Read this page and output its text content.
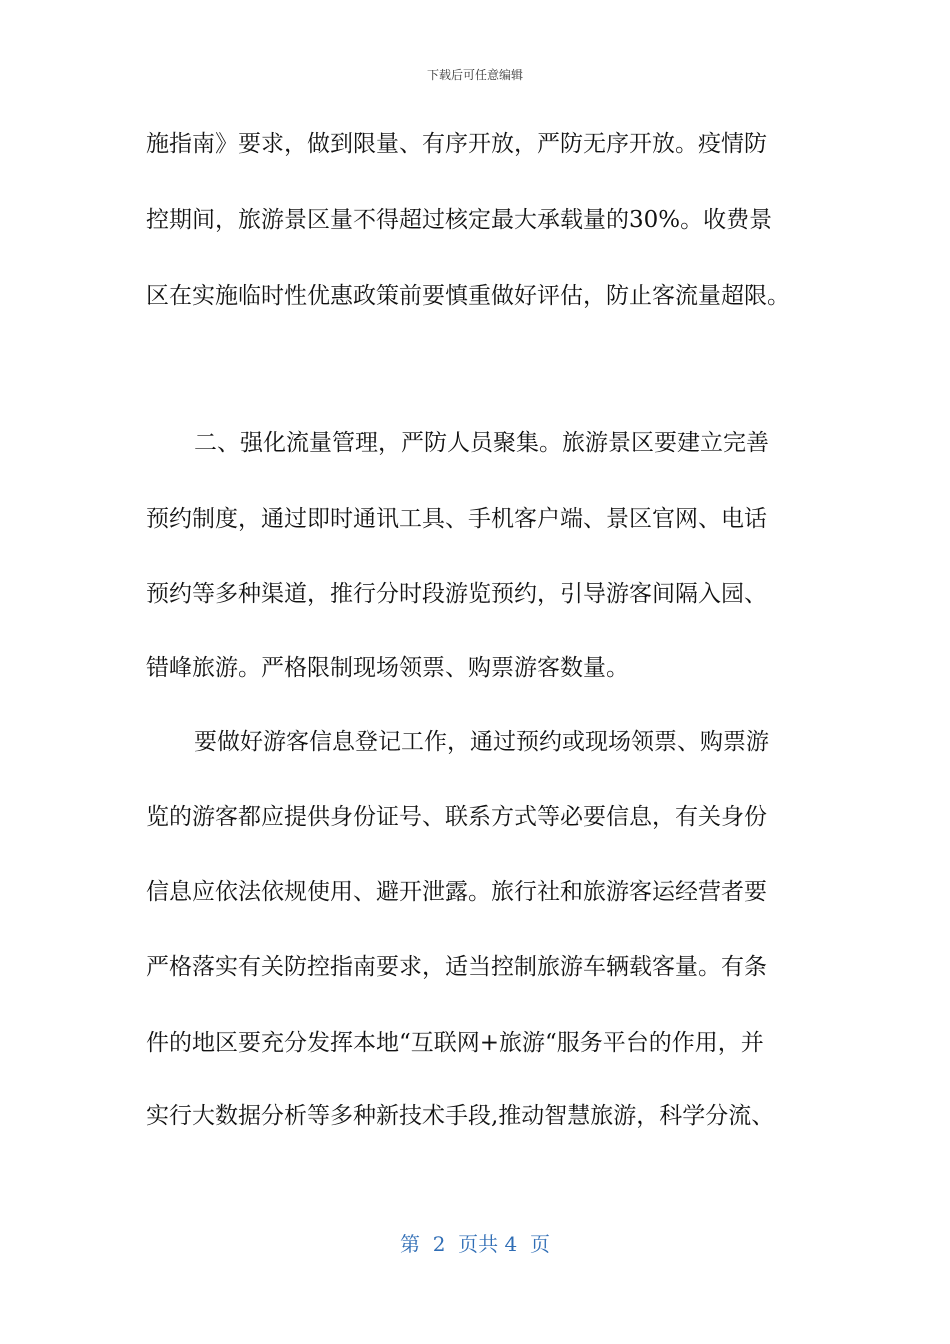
下载后可任意编辑
施指南》要求，做到限量、有序开放，严防无序开放。疫情防
控期间，旅游景区量不得超过核定最大承载量的30%。收费景
区在实施临时性优惠政策前要慎重做好评估，防止客流量超限。
二、强化流量管理，严防人员聚集。旅游景区要建立完善
预约制度，通过即时通讯工具、手机客户端、景区官网、电话
预约等多种渠道，推行分时段游览预约，引导游客间隔入园、
错峰旅游。严格限制现场领票、购票游客数量。
要做好游客信息登记工作，通过预约或现场领票、购票游
览的游客都应提供身份证号、联系方式等必要信息，有关身份
信息应依法依规使用、避开泄露。旅行社和旅游客运经营者要
严格落实有关防控指南要求，适当控制旅游车辆载客量。有条
件的地区要充分发挥本地“互联网+旅游“服务平台的作用，并
实行大数据分析等多种新技术手段,推动智慧旅游，科学分流、
第  2  页共 4  页
